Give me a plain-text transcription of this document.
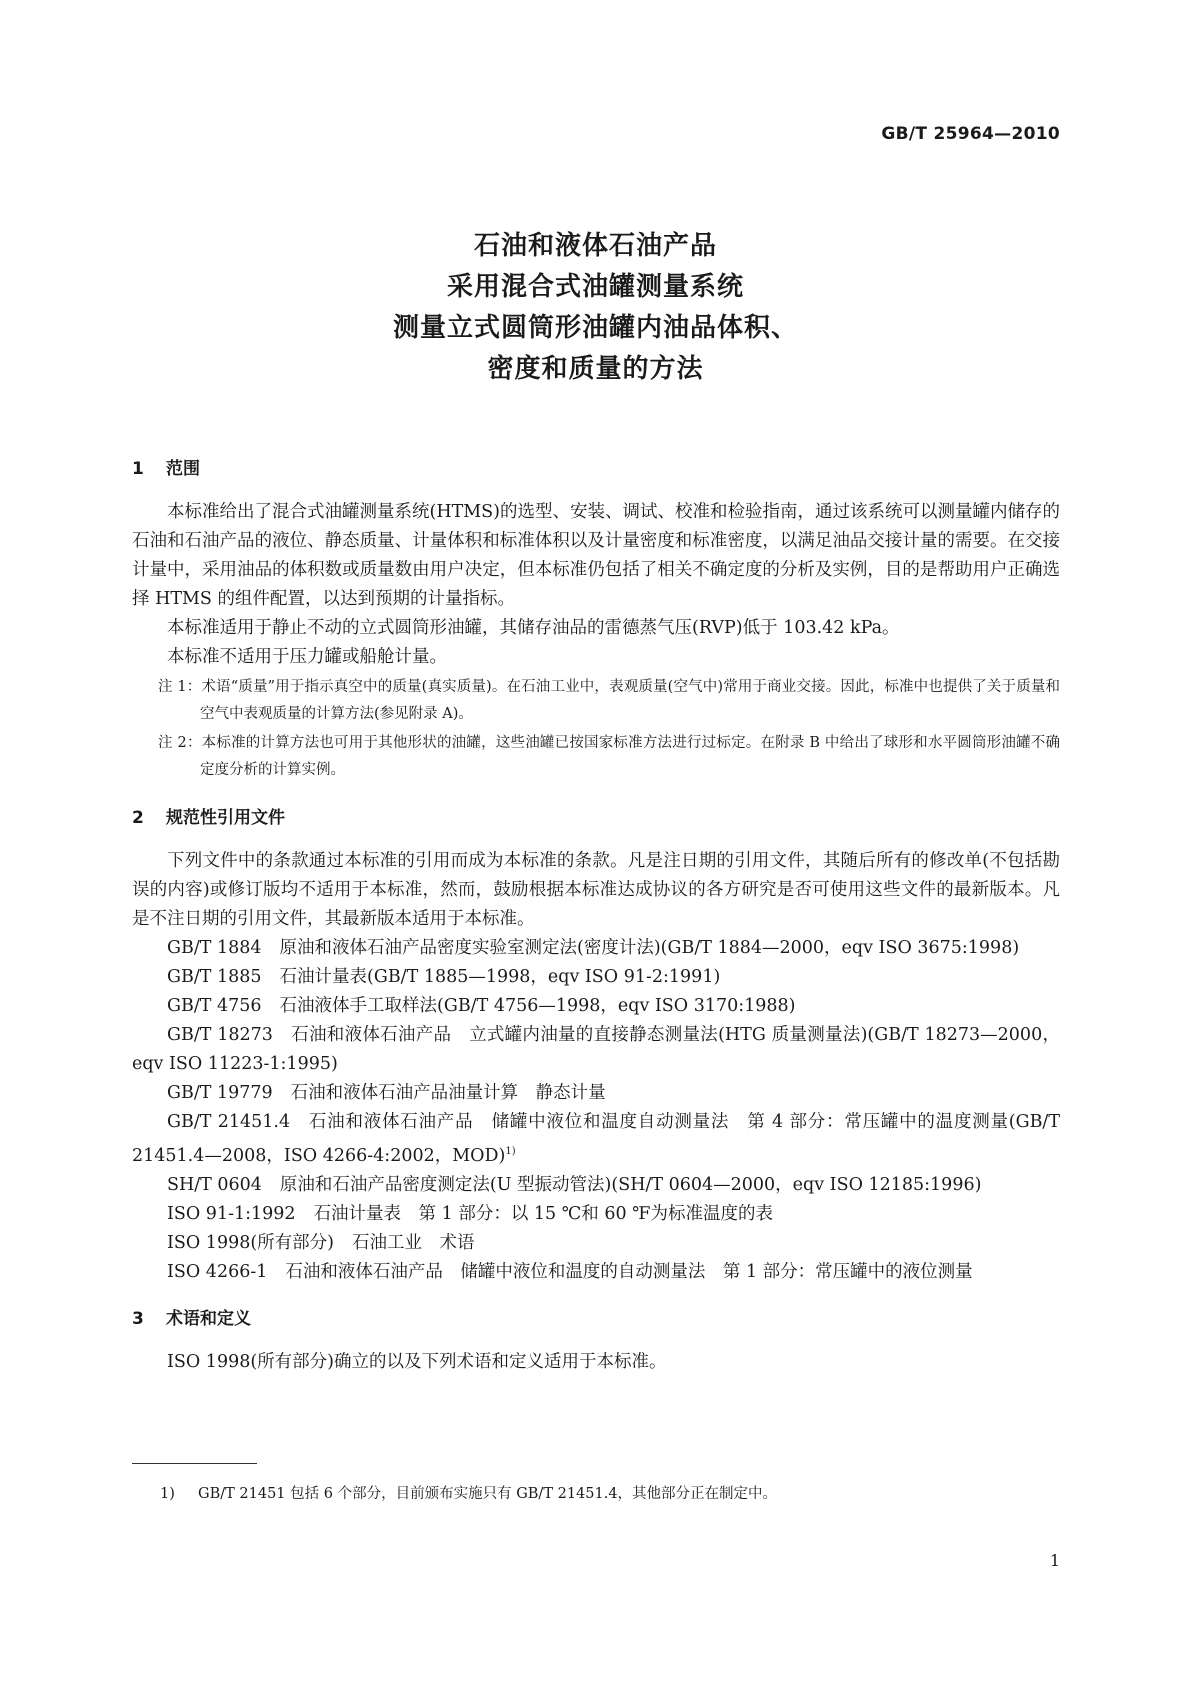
GB/T 25964—2010
石油和液体石油产品
采用混合式油罐测量系统
测量立式圆筒形油罐内油品体积、
密度和质量的方法
1 范围

本标准给出了混合式油罐测量系统(HTMS)的选型、安装、调试、校准和检验指南，通过该系统可以测量罐内储存的石油和石油产品的液位、静态质量、计量体积和标准体积以及计量密度和标准密度，以满足油品交接计量的需要。在交接计量中，采用油品的体积数或质量数由用户决定，但本标准仍包括了相关不确定度的分析及实例，目的是帮助用户正确选择 HTMS 的组件配置，以达到预期的计量指标。

本标准适用于静止不动的立式圆筒形油罐，其储存油品的雷德蒸气压(RVP)低于 103.42 kPa。

本标准不适用于压力罐或船舱计量。

注 1：术语“质量”用于指示真空中的质量(真实质量)。在石油工业中，表观质量(空气中)常用于商业交接。因此，标准中也提供了关于质量和空气中表观质量的计算方法(参见附录 A)。

注 2：本标准的计算方法也可用于其他形状的油罐，这些油罐已按国家标准方法进行过标定。在附录 B 中给出了球形和水平圆筒形油罐不确定度分析的计算实例。

2 规范性引用文件

下列文件中的条款通过本标准的引用而成为本标准的条款。凡是注日期的引用文件，其随后所有的修改单(不包括勘误的内容)或修订版均不适用于本标准，然而，鼓励根据本标准达成协议的各方研究是否可使用这些文件的最新版本。凡是不注日期的引用文件，其最新版本适用于本标准。

GB/T 1884 原油和液体石油产品密度实验室测定法(密度计法)(GB/T 1884—2000，eqv ISO 3675:1998)

GB/T 1885 石油计量表(GB/T 1885—1998，eqv ISO 91-2:1991)

GB/T 4756 石油液体手工取样法(GB/T 4756—1998，eqv ISO 3170:1988)

GB/T 18273 石油和液体石油产品　立式罐内油量的直接静态测量法(HTG 质量测量法)(GB/T 18273—2000，eqv ISO 11223-1:1995)

GB/T 19779 石油和液体石油产品油量计算　静态计量

GB/T 21451.4 石油和液体石油产品　储罐中液位和温度自动测量法　第 4 部分：常压罐中的温度测量(GB/T 21451.4—2008，ISO 4266-4:2002，MOD)$^{1)}$

SH/T 0604 原油和石油产品密度测定法(U 型振动管法)(SH/T 0604—2000，eqv ISO 12185:1996)

ISO 91-1:1992 石油计量表　第 1 部分：以 15 ℃和 60 ℉为标准温度的表

ISO 1998(所有部分) 石油工业　术语

ISO 4266-1 石油和液体石油产品　储罐中液位和温度的自动测量法　第 1 部分：常压罐中的液位测量

3 术语和定义

ISO 1998(所有部分)确立的以及下列术语和定义适用于本标准。

1) GB/T 21451 包括 6 个部分，目前颁布实施只有 GB/T 21451.4，其他部分正在制定中。
1
